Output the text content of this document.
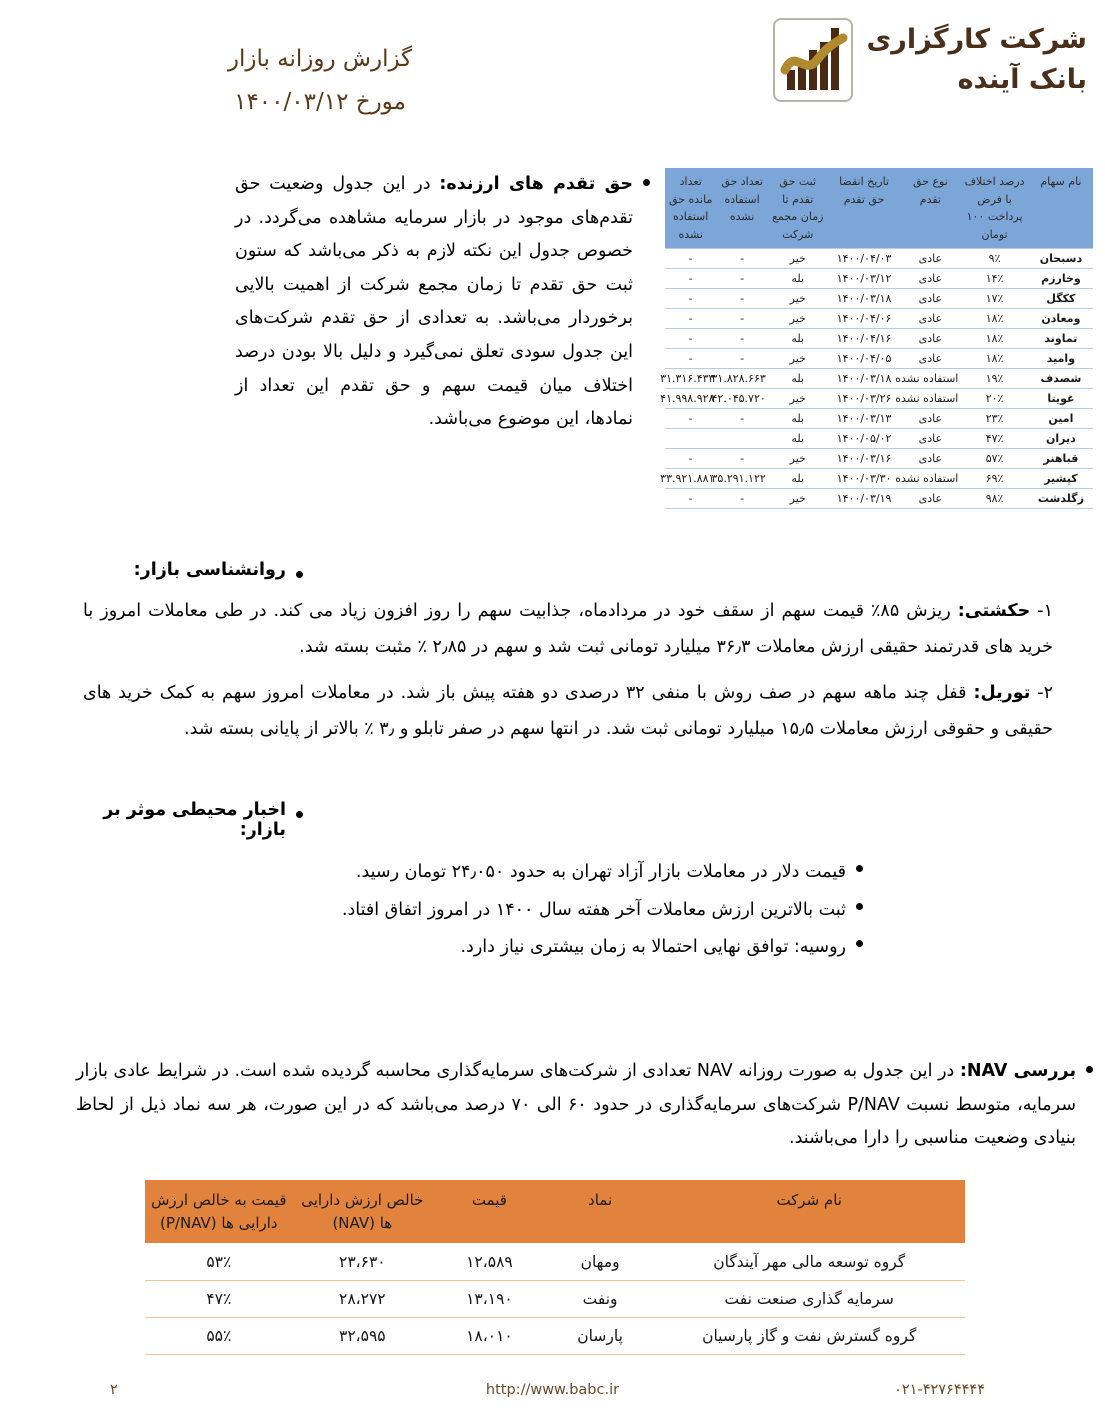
شرکت کارگزاری
بانک آینده
گزارش روزانه بازار
مورخ ۱۴۰۰/۰۳/۱۲

حق تقدم های ارزنده: در این جدول وضعیت حق تقدم‌های موجود در بازار سرمایه مشاهده می‌گردد. در خصوص جدول این نکته لازم به ذکر می‌باشد که ستون ثبت حق تقدم تا زمان مجمع شرکت از اهمیت بالایی برخوردار می‌باشد. به تعدادی از حق تقدم شرکت‌های این جدول سودی تعلق نمی‌گیرد و دلیل بالا بودن درصد اختلاف میان قیمت سهم و حق تقدم این تعداد از نمادها، این موضوع می‌باشد.

نام سهام	درصد اختلاف با فرض پرداخت ۱۰۰ تومان	نوع حق تقدم	تاریخ انقضا حق تقدم	ثبت حق تقدم تا زمان مجمع شرکت	تعداد حق استفاده نشده	تعداد مانده حق استفاده نشده
دسبحان	۹٪	عادی	۱۴۰۰/۰۴/۰۳	خیر	-	-
وخارزم	۱۴٪	عادی	۱۴۰۰/۰۳/۱۲	بله	-	-
ککگل	۱۷٪	عادی	۱۴۰۰/۰۳/۱۸	خیر	-	-
ومعادن	۱۸٪	عادی	۱۴۰۰/۰۴/۰۶	خیر	-	-
تماوند	۱۸٪	عادی	۱۴۰۰/۰۴/۱۶	بله	-	-
وامید	۱۸٪	عادی	۱۴۰۰/۰۴/۰۵	خیر	-	-
شصدف	۱۹٪	استفاده نشده	۱۴۰۰/۰۳/۱۸	بله	۳۱.۸۲۸.۶۶۳	۳۱.۳۱۶.۴۳۳
غویتا	۲۰٪	استفاده نشده	۱۴۰۰/۰۳/۲۶	خیر	۴۲.۰۴۵.۷۲۰	۴۱.۹۹۸.۹۲۸
امین	۲۳٪	عادی	۱۴۰۰/۰۳/۱۳	بله	-	-
دیران	۴۷٪	عادی	۱۴۰۰/۰۵/۰۲	بله		
قباهنر	۵۷٪	عادی	۱۴۰۰/۰۳/۱۶	خیر	-	-
کپشیر	۶۹٪	استفاده نشده	۱۴۰۰/۰۳/۳۰	بله	۳۵.۲۹۱.۱۲۲	۳۳.۹۲۱.۸۸۱
زگلدشت	۹۸٪	عادی	۱۴۰۰/۰۳/۱۹	خیر	-	-
روانشناسی بازار:

۱- حکشتی: ریزش ۸۵٪ قیمت سهم از سقف خود در مردادماه، جذابیت سهم را روز افزون زیاد می کند. در طی معاملات امروز با خرید های قدرتمند حقیقی ارزش معاملات ۳۶٫۳ میلیارد تومانی ثبت شد و سهم در ۲٫۸۵ ٪ مثبت بسته شد.

۲- توریل: قفل چند ماهه سهم در صف روش با منفی ۳۲ درصدی دو هفته پیش باز شد. در معاملات امروز سهم به کمک خرید های حقیقی و حقوقی ارزش معاملات ۱۵٫۵ میلیارد تومانی ثبت شد. در انتها سهم در صفر تابلو و ۳٫ ٪ بالاتر از پایانی بسته شد.

اخبار محیطی موثر بر بازار:
قیمت دلار در معاملات بازار آزاد تهران به حدود ۲۴٫۰۵۰ تومان رسید.
ثبت بالاترین ارزش معاملات آخر هفته سال ۱۴۰۰ در امروز اتفاق افتاد.
روسیه: توافق نهایی احتمالا به زمان بیشتری نیاز دارد.

بررسی NAV: در این جدول به صورت روزانه NAV تعدادی از شرکت‌های سرمایه‌گذاری محاسبه گردیده شده است. در شرایط عادی بازار سرمایه، متوسط نسبت P/NAV شرکت‌های سرمایه‌گذاری در حدود ۶۰ الی ۷۰ درصد می‌باشد که در این صورت، هر سه نماد ذیل از لحاظ بنیادی وضعیت مناسبی را دارا می‌باشند.

نام شرکت	نماد	قیمت	خالص ارزش دارایی ها (NAV)	قیمت به خالص ارزش دارایی ها (P/NAV)
گروه توسعه مالی مهر آیندگان	ومهان	۱۲،۵۸۹	۲۳،۶۳۰	۵۳٪
سرمایه گذاری صنعت نفت	ونفت	۱۳،۱۹۰	۲۸،۲۷۲	۴۷٪
گروه گسترش نفت و گاز پارسیان	پارسان	۱۸،۰۱۰	۳۲،۵۹۵	۵۵٪
۰۲۱-۴۲۷۶۴۴۴۴
http://www.babc.ir
۲
